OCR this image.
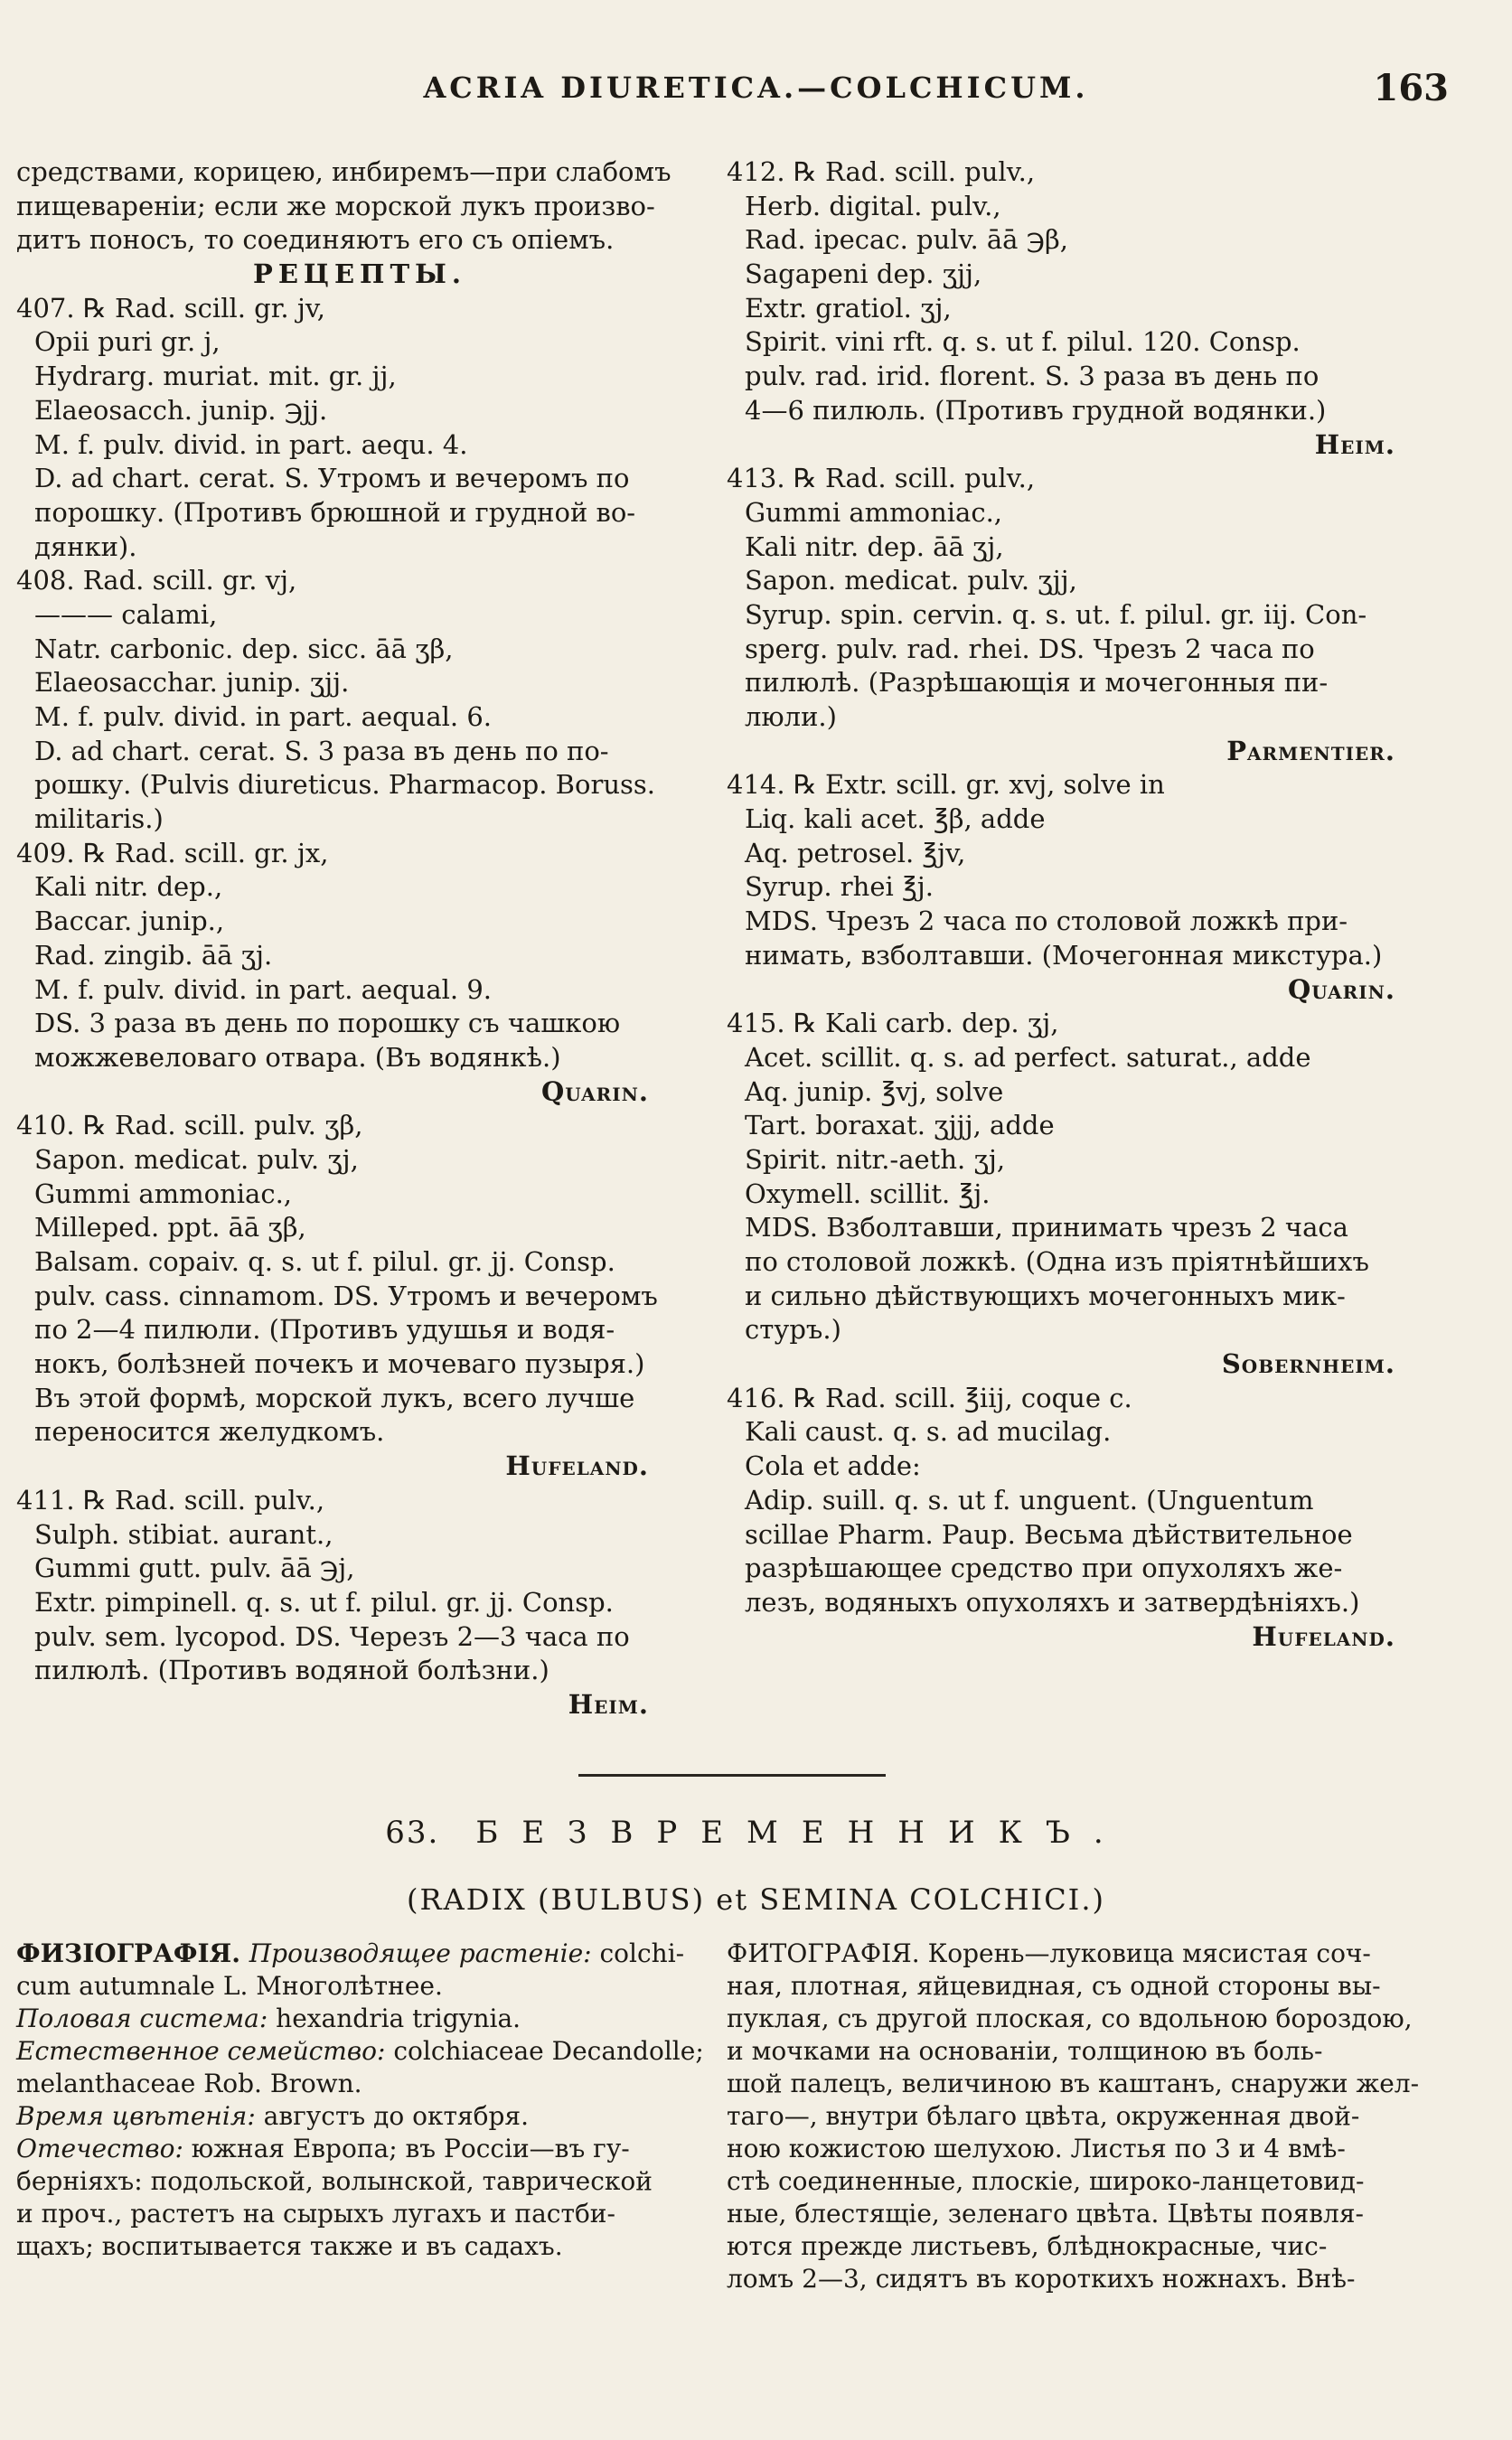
ACRIA DIURETICA.—COLCHICUM.	163
средствами, корицею, инбиремъ—при слабомъ
пищевареніи; если же морской лукъ произво-
дитъ поносъ, то соединяютъ его съ опіемъ.
РЕЦЕПТЫ.
407. ℞ Rad. scill. gr. jv,
Opii puri gr. j,
Hydrarg. muriat. mit. gr. jj,
Elaeosacch. junip. ℈jj.
M. f. pulv. divid. in part. aequ. 4.
D. ad chart. cerat. S. Утромъ и вечеромъ по
порошку. (Противъ брюшной и грудной во-
дянки).
408. Rad. scill. gr. vj,
——— calami,
Natr. carbonic. dep. sicc. āā ʒβ,
Elaeosacchar. junip. ʒjj.
M. f. pulv. divid. in part. aequal. 6.
D. ad chart. cerat. S. 3 раза въ день по по-
рошку. (Pulvis diureticus. Pharmacop. Boruss.
militaris.)
409. ℞ Rad. scill. gr. jx,
Kali nitr. dep.,
Baccar. junip.,
Rad. zingib. āā ʒj.
M. f. pulv. divid. in part. aequal. 9.
DS. 3 раза въ день по порошку съ чашкою
можжевеловаго отвара. (Въ водянкѣ.)
Quarin.
410. ℞ Rad. scill. pulv. ʒβ,
Sapon. medicat. pulv. ʒj,
Gummi ammoniac.,
Milleped. ppt. āā ʒβ,
Balsam. copaiv. q. s. ut f. pilul. gr. jj. Consp.
pulv. cass. cinnamom. DS. Утромъ и вечеромъ
по 2—4 пилюли. (Противъ удушья и водя-
нокъ, болѣзней почекъ и мочеваго пузыря.)
Въ этой формѣ, морской лукъ, всего лучше
переносится желудкомъ.
Hufeland.
411. ℞ Rad. scill. pulv.,
Sulph. stibiat. aurant.,
Gummi gutt. pulv. āā ℈j,
Extr. pimpinell. q. s. ut f. pilul. gr. jj. Consp.
pulv. sem. lycopod. DS. Черезъ 2—3 часа по
пилюлѣ. (Противъ водяной болѣзни.)
Heim.
412. ℞ Rad. scill. pulv.,
Herb. digital. pulv.,
Rad. ipecac. pulv. āā ℈β,
Sagapeni dep. ʒjj,
Extr. gratiol. ʒj,
Spirit. vini rft. q. s. ut f. pilul. 120. Consp.
pulv. rad. irid. florent. S. 3 раза въ день по
4—6 пилюль. (Противъ грудной водянки.)
Heim.
413. ℞ Rad. scill. pulv.,
Gummi ammoniac.,
Kali nitr. dep. āā ʒj,
Sapon. medicat. pulv. ʒjj,
Syrup. spin. cervin. q. s. ut. f. pilul. gr. iij. Con-
sperg. pulv. rad. rhei. DS. Чрезъ 2 часа по
пилюлѣ. (Разрѣшающія и мочегонныя пи-
люли.)
Parmentier.
414. ℞ Extr. scill. gr. xvj, solve in
Liq. kali acet. ℥β, adde
Aq. petrosel. ℥jv,
Syrup. rhei ℥j.
MDS. Чрезъ 2 часа по столовой ложкѣ при-
нимать, взболтавши. (Мочегонная микстура.)
Quarin.
415. ℞ Kali carb. dep. ʒj,
Acet. scillit. q. s. ad perfect. saturat., adde
Aq. junip. ℥vj, solve
Tart. boraxat. ʒjjj, adde
Spirit. nitr.-aeth. ʒj,
Oxymell. scillit. ℥j.
MDS. Взболтавши, принимать чрезъ 2 часа
по столовой ложкѣ. (Одна изъ пріятнѣйшихъ
и сильно дѣйствующихъ мочегонныхъ мик-
стуръ.)
Sobernheim.
416. ℞ Rad. scill. ℥iij, coque c.
Kali caust. q. s. ad mucilag.
Cola et adde:
Adip. suill. q. s. ut f. unguent. (Unguentum
scillae Pharm. Paup. Весьма дѣйствительное
разрѣшающее средство при опухоляхъ же-
лезъ, водяныхъ опухоляхъ и затвердѣніяхъ.)
Hufeland.
63. БЕЗВРЕМЕННИКЪ.
(RADIX (BULBUS) et SEMINA COLCHICI.)
ФИЗІОГРАФІЯ. Производящее растеніе: colchi-
cum autumnale L. Многолѣтнее.
Половая система: hexandria trigynia.
Естественное семейство: colchiaceae Decandolle;
melanthaceae Rob. Brown.
Время цвѣтенія: августъ до октября.
Отечество: южная Европа; въ Россіи—въ гу-
берніяхъ: подольской, волынской, таврической
и проч., растетъ на сырыхъ лугахъ и пастби-
щахъ; воспитывается также и въ садахъ.
ФИТОГРАФІЯ. Корень—луковица мясистая соч-
ная, плотная, яйцевидная, съ одной стороны вы-
пуклая, съ другой плоская, со вдольною бороздою,
и мочками на основаніи, толщиною въ боль-
шой палецъ, величиною въ каштанъ, снаружи жел-
таго—, внутри бѣлаго цвѣта, окруженная двой-
ною кожистою шелухою. Листья по 3 и 4 вмѣ-
стѣ соединенные, плоскіе, широко-ланцетовид-
ные, блестящіе, зеленаго цвѣта. Цвѣты появля-
ются прежде листьевъ, блѣднокрасные, чис-
ломъ 2—3, сидятъ въ короткихъ ножнахъ. Внѣ-
